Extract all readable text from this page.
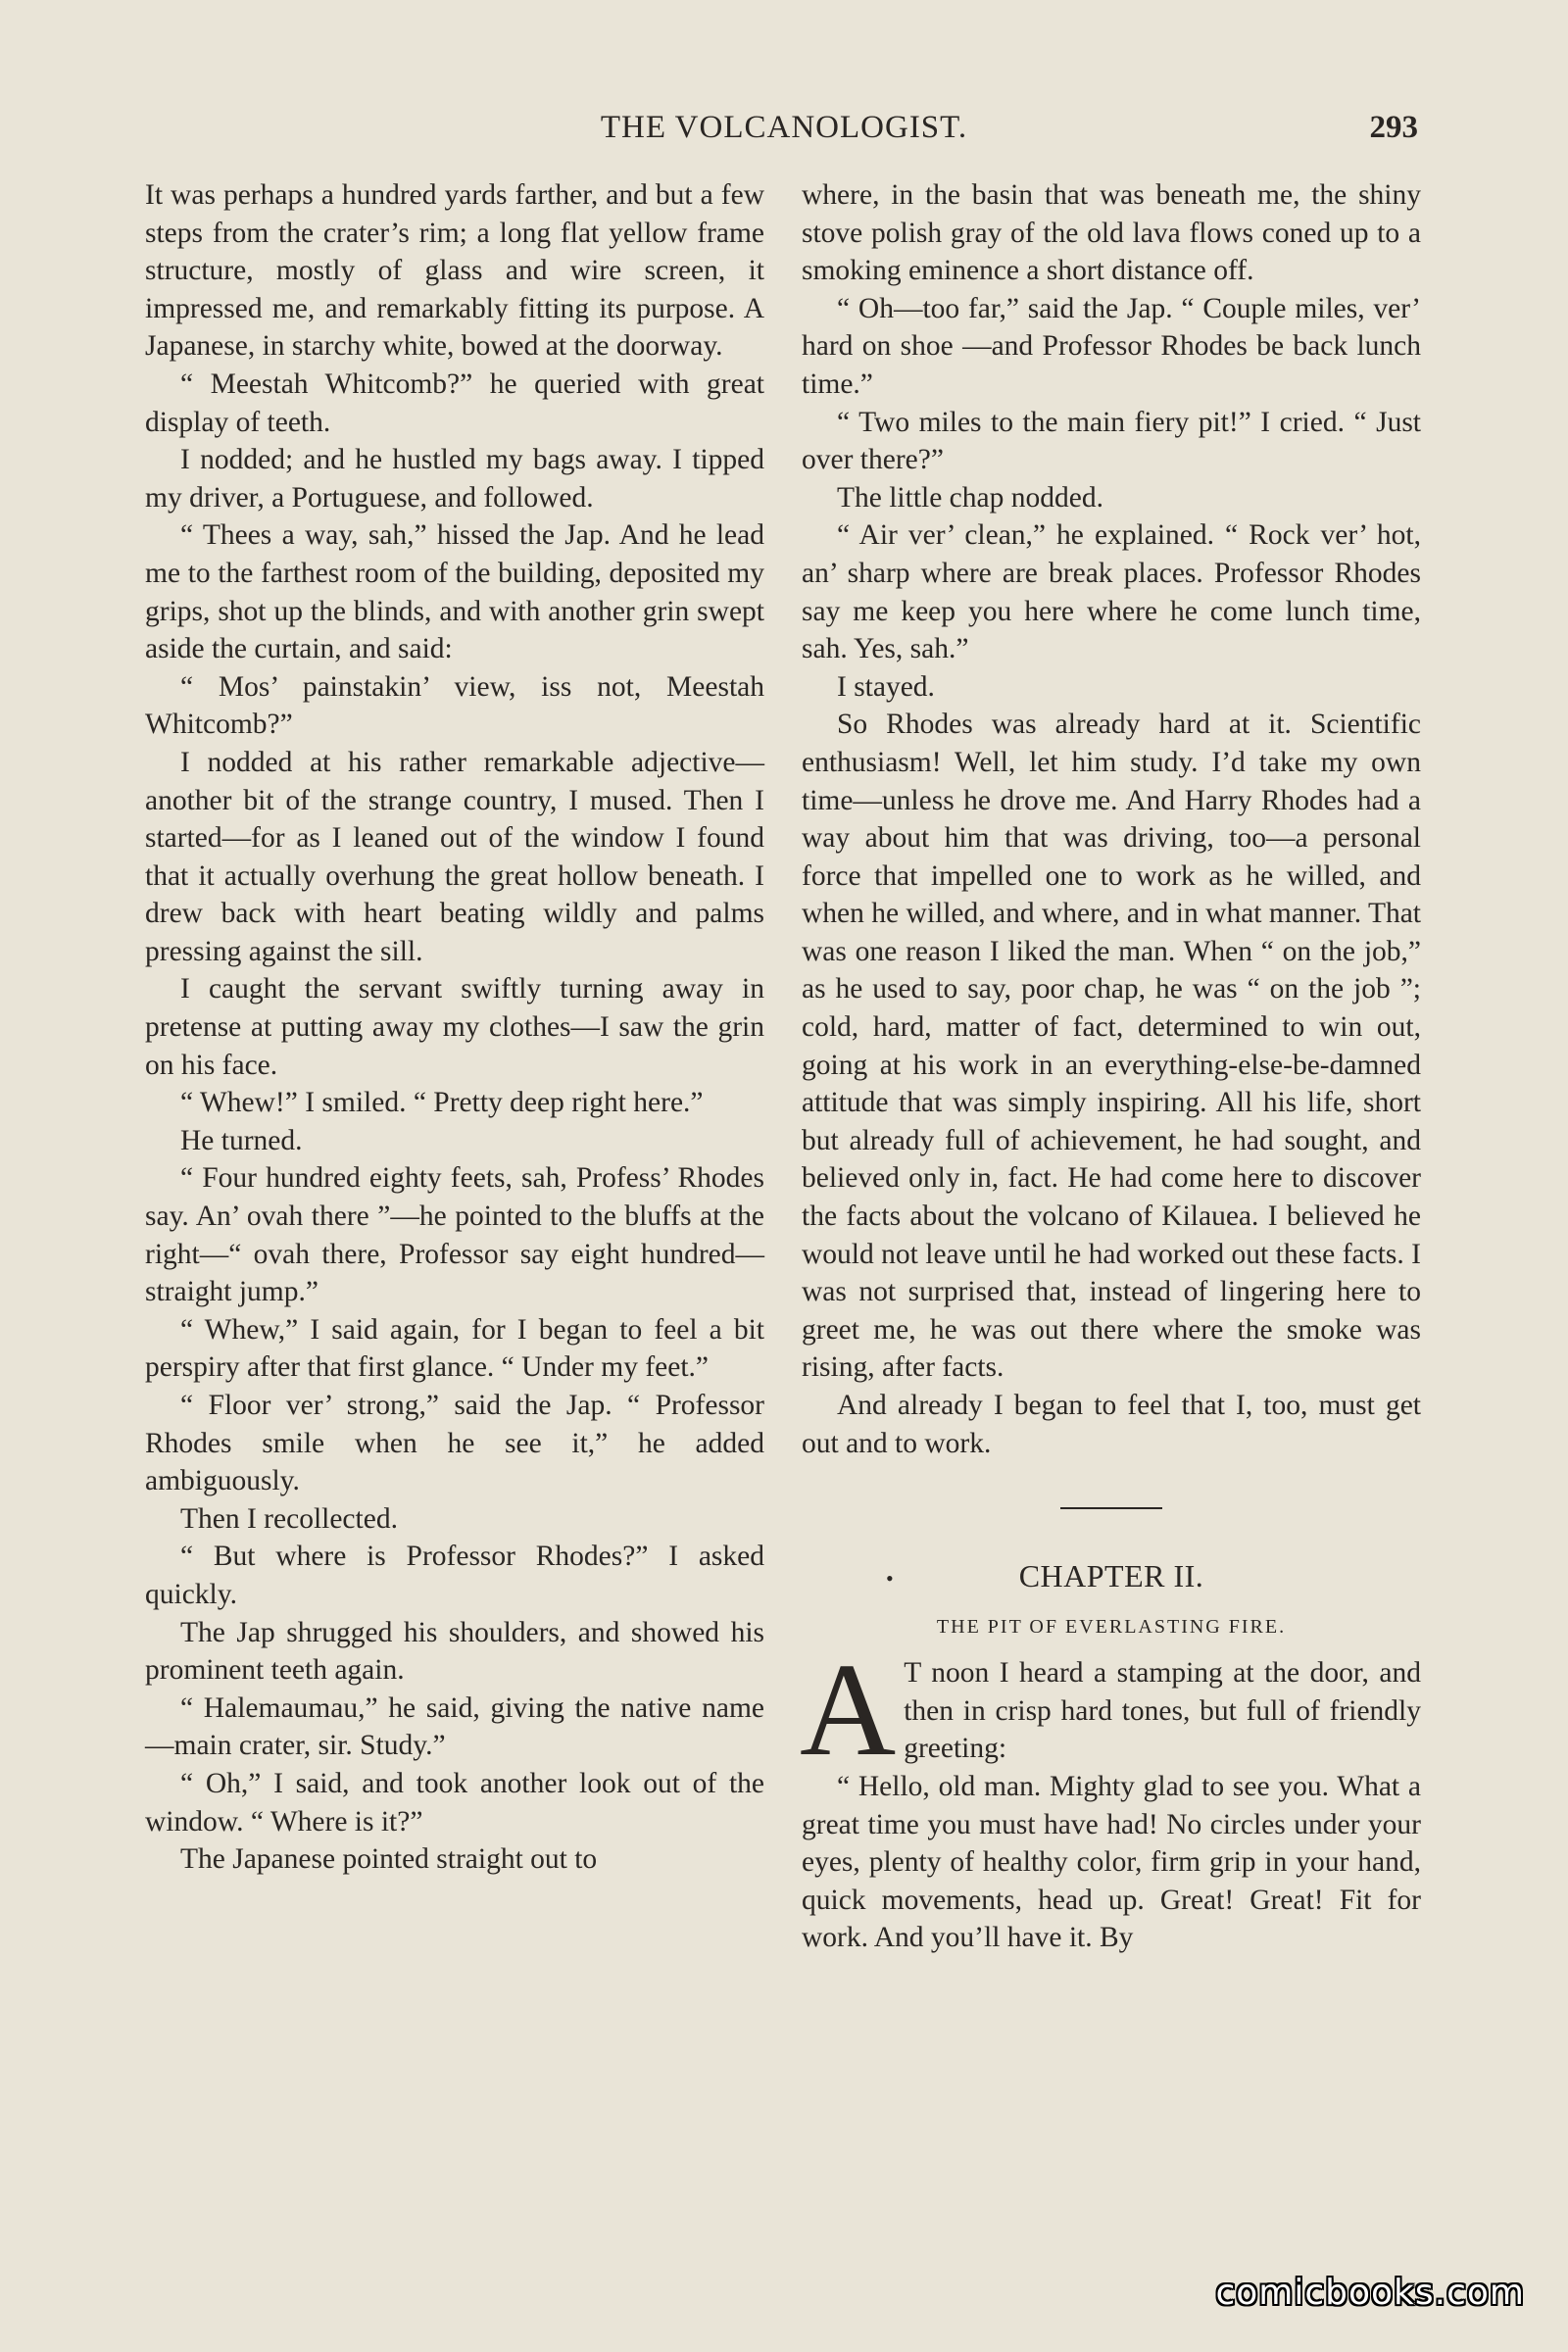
THE VOLCANOLOGIST.	293

It was perhaps a hundred yards farther, and but a few steps from the crater’s rim; a long flat yellow frame structure, mostly of glass and wire screen, it impressed me, and remarkably fitting its purpose. A Japanese, in starchy white, bowed at the doorway.

“ Meestah Whitcomb?” he queried with great display of teeth.

I nodded; and he hustled my bags away. I tipped my driver, a Portuguese, and followed.

“ Thees a way, sah,” hissed the Jap. And he lead me to the farthest room of the building, deposited my grips, shot up the blinds, and with another grin swept aside the curtain, and said:

“ Mos’ painstakin’ view, iss not, Meestah Whitcomb?”

I nodded at his rather remarkable adjective—another bit of the strange country, I mused. Then I started—for as I leaned out of the window I found that it actually overhung the great hollow beneath. I drew back with heart beating wildly and palms pressing against the sill.

I caught the servant swiftly turning away in pretense at putting away my clothes—I saw the grin on his face.

“ Whew!” I smiled. “ Pretty deep right here.”

He turned.

“ Four hundred eighty feets, sah, Profess’ Rhodes say. An’ ovah there ”—he pointed to the bluffs at the right—“ ovah there, Professor say eight hundred—straight jump.”

“ Whew,” I said again, for I began to feel a bit perspiry after that first glance. “ Under my feet.”

“ Floor ver’ strong,” said the Jap. “ Professor Rhodes smile when he see it,” he added ambiguously.

Then I recollected.

“ But where is Professor Rhodes?” I asked quickly.

The Jap shrugged his shoulders, and showed his prominent teeth again.

“ Halemaumau,” he said, giving the native name—main crater, sir. Study.”

“ Oh,” I said, and took another look out of the window. “ Where is it?”

The Japanese pointed straight out to

where, in the basin that was beneath me, the shiny stove polish gray of the old lava flows coned up to a smoking eminence a short distance off.

“ Oh—too far,” said the Jap. “ Couple miles, ver’ hard on shoe —and Professor Rhodes be back lunch time.”

“ Two miles to the main fiery pit!” I cried. “ Just over there?”

The little chap nodded.

“ Air ver’ clean,” he explained. “ Rock ver’ hot, an’ sharp where are break places. Professor Rhodes say me keep you here where he come lunch time, sah. Yes, sah.”

I stayed.

So Rhodes was already hard at it. Scientific enthusiasm! Well, let him study. I’d take my own time—unless he drove me. And Harry Rhodes had a way about him that was driving, too—a personal force that impelled one to work as he willed, and when he willed, and where, and in what manner. That was one reason I liked the man. When “ on the job,” as he used to say, poor chap, he was “ on the job ”; cold, hard, matter of fact, determined to win out, going at his work in an everything-else-be-damned attitude that was simply inspiring. All his life, short but already full of achievement, he had sought, and believed only in, fact. He had come here to discover the facts about the volcano of Kilauea. I believed he would not leave until he had worked out these facts. I was not surprised that, instead of lingering here to greet me, he was out there where the smoke was rising, after facts.

And already I began to feel that I, too, must get out and to work.

•	CHAPTER II.
THE PIT OF EVERLASTING FIRE.

A T noon I heard a stamping at the door, and then in crisp hard tones, but full of friendly greeting:

“ Hello, old man. Mighty glad to see you. What a great time you must have had! No circles under your eyes, plenty of healthy color, firm grip in your hand, quick movements, head up. Great! Great! Fit for work. And you’ll have it. By

comicbooks.com
